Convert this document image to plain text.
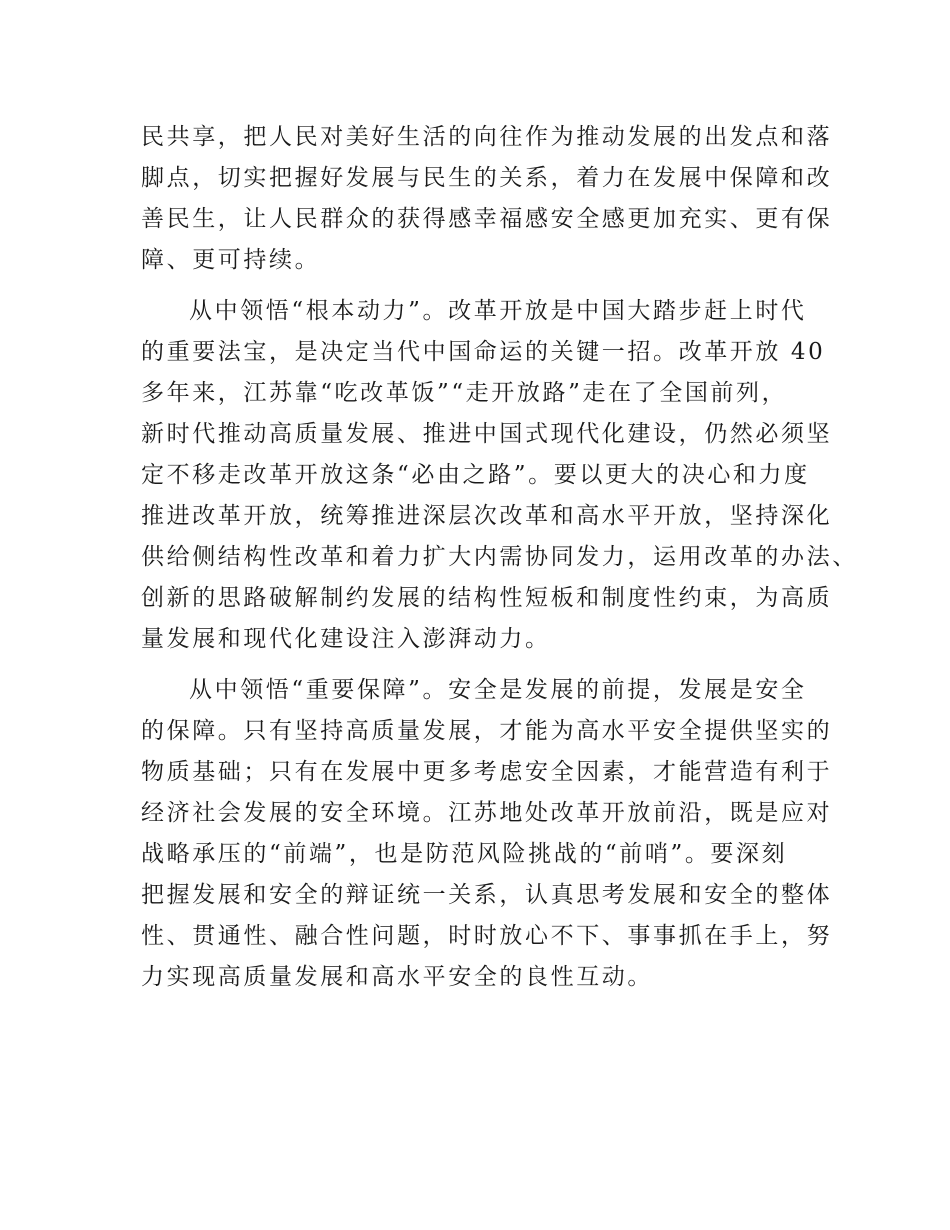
民共享，把人民对美好生活的向往作为推动发展的出发点和落
脚点，切实把握好发展与民生的关系，着力在发展中保障和改
善民生，让人民群众的获得感幸福感安全感更加充实、更有保
障、更可持续。

从中领悟“根本动力”。改革开放是中国大踏步赶上时代
的重要法宝，是决定当代中国命运的关键一招。改革开放 40
多年来，江苏靠“吃改革饭”“走开放路”走在了全国前列，
新时代推动高质量发展、推进中国式现代化建设，仍然必须坚
定不移走改革开放这条“必由之路”。要以更大的决心和力度
推进改革开放，统筹推进深层次改革和高水平开放，坚持深化
供给侧结构性改革和着力扩大内需协同发力，运用改革的办法、
创新的思路破解制约发展的结构性短板和制度性约束，为高质
量发展和现代化建设注入澎湃动力。

从中领悟“重要保障”。安全是发展的前提，发展是安全
的保障。只有坚持高质量发展，才能为高水平安全提供坚实的
物质基础；只有在发展中更多考虑安全因素，才能营造有利于
经济社会发展的安全环境。江苏地处改革开放前沿，既是应对
战略承压的“前端”，也是防范风险挑战的“前哨”。要深刻
把握发展和安全的辩证统一关系，认真思考发展和安全的整体
性、贯通性、融合性问题，时时放心不下、事事抓在手上，努
力实现高质量发展和高水平安全的良性互动。
